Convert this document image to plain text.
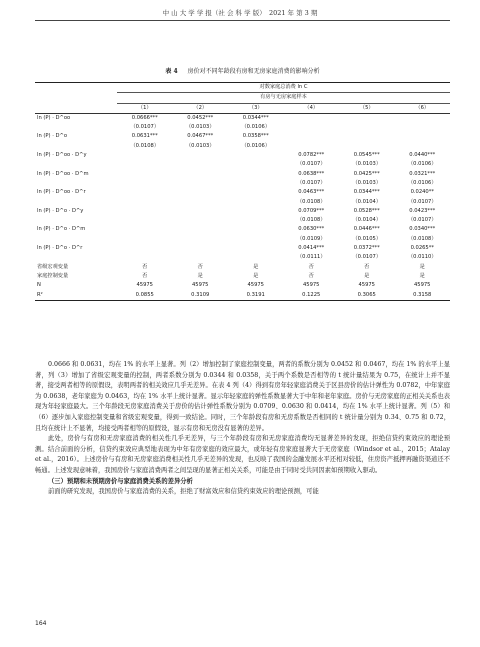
中 山 大 学 学 报（社 会 科 学 版）　2021 年 第 3 期
表 4 房价对不同年龄段有房和无房家庭消费的影响分析
	对数家庭总消费 ln C					
	有房与无房家庭样本					
	（1）	（2）	（3）	（4）	（5）	（6）
ln (P) · D^oo	0.0666***	0.0452***	0.0344***			
	（0.0107）	（0.0103）	（0.0106）			
ln (P) · D^o	0.0631***	0.0467***	0.0358***			
	（0.0108）	（0.0103）	（0.0106）			
ln (P) · D^oo · D^y				0.0782***	0.0545***	0.0440***
				（0.0107）	（0.0103）	（0.0106）
ln (P) · D^oo · D^m				0.0638***	0.0425***	0.0321***
				（0.0107）	（0.0103）	（0.0106）
ln (P) · D^oo · D^r				0.0463***	0.0344***	0.0240**
				（0.0108）	（0.0104）	（0.0107）
ln (P) · D^o · D^y				0.0709***	0.0528***	0.0423***
				（0.0108）	（0.0104）	（0.0107）
ln (P) · D^o · D^m				0.0630***	0.0446***	0.0340***
				（0.0109）	（0.0105）	（0.0108）
ln (P) · D^o · D^r				0.0414***	0.0372***	0.0265**
				（0.0111）	（0.0107）	（0.0110）
省级宏观变量	否	否	是	否	否	是
家庭控制变量	否	是	是	否	是	是
N	45975	45975	45975	45975	45975	45975
R²	0.0855	0.3109	0.3191	0.1225	0.3065	0.3158

0.0666 和 0.0631，均在 1% 的水平上显著。列（2）增加控制了家庭控制变量，两者的系数分别为 0.0452 和 0.0467，均在 1% 的水平上显著，列（3）增加了省级宏观变量的控制，两者系数分别为 0.0344 和 0.0358，关于两个系数是否相等的 t 统计量结果为 0.75，在统计上并不显著，接受两者相等的原假设，表明两者的相关效应几乎无差异。在表 4 列（4）得到有房年轻家庭消费关于区县房价的估计弹性为 0.0782，中年家庭为 0.0638，老年家庭为 0.0463，均在 1% 水平上统计显著。显示年轻家庭的弹性系数显著大于中年和老年家庭。房价与无房家庭的正相关关系也表现为年轻家庭最大。三个年龄段无房家庭消费关于房价的估计弹性系数分别为 0.0709、0.0630 和 0.0414，均在 1% 水平上统计显著。列（5）和（6）逐步加入家庭控制变量和省级宏观变量，得到一致结论。同时，三个年龄段有房和无房系数是否相同的 t 统计量分别为 0.34、0.75 和 0.72，且均在统计上不显著，均接受两者相等的原假设，显示有房和无房没有显著的差异。

此处，房价与有房和无房家庭消费的相关性几乎无差异，与三个年龄段有房和无房家庭消费均无显著差异的发现，拒绝信贷约束效应的理论预测。结合前面的分析，信贷约束效应典型地表现为中年有房家庭的效应最大，或年轻有房家庭显著大于无房家庭（Windsor et al.，2015；Atalay et al.，2016）。上述房价与有房和无房家庭消费相关性几乎无差异的发现，也反映了我国的金融发展水平还相对较低，住房资产抵押再融资渠道还不畅通。上述发现意味着，我国房价与家庭消费两者之间呈现的显著正相关关系，可能是由于同时受共同因素如预期收入驱动。

（三）预期和未预期房价与家庭消费关系的差异分析

前面的研究发现，我国房价与家庭消费的关系，拒绝了财富效应和信贷约束效应的理论预测，可能

164
